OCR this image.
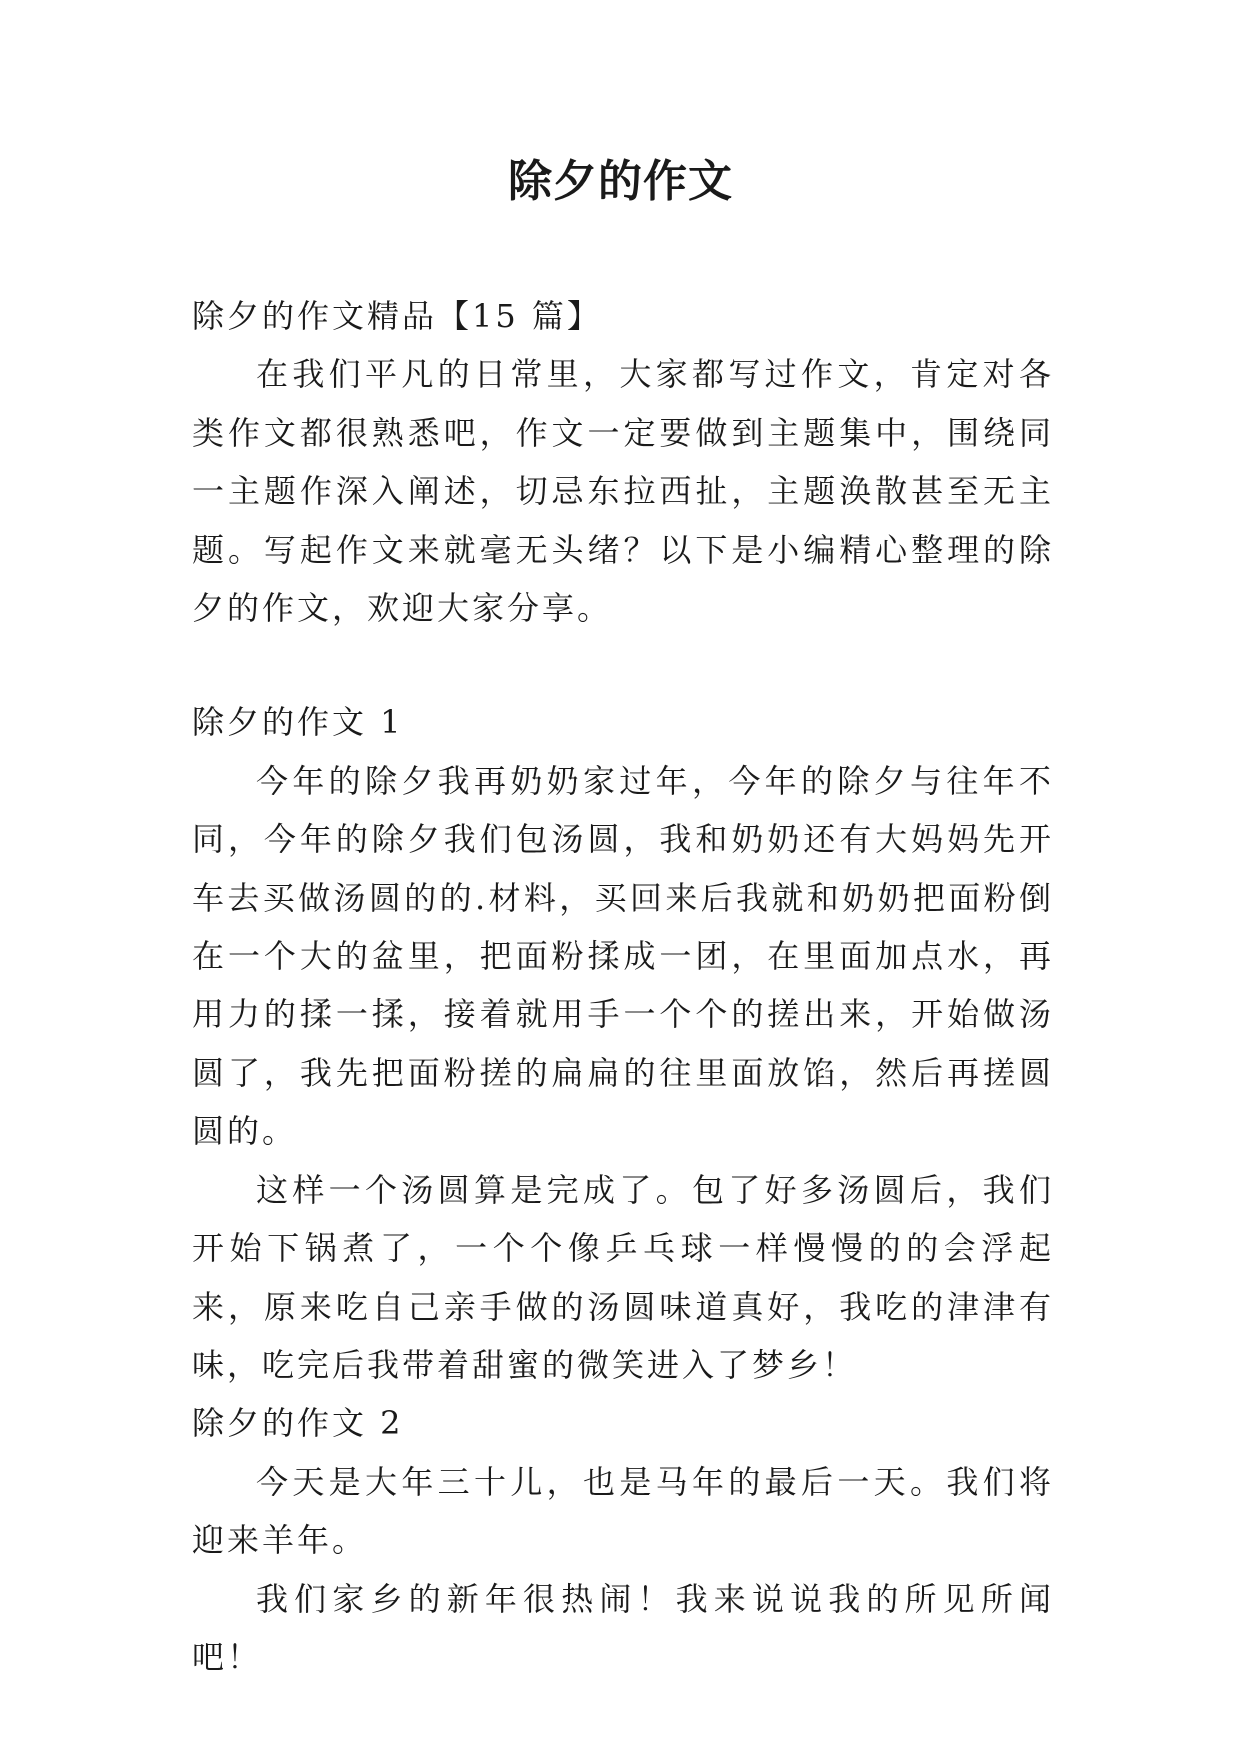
除夕的作文

除夕的作文精品【15 篇】

在我们平凡的日常里，大家都写过作文，肯定对各类作文都很熟悉吧，作文一定要做到主题集中，围绕同一主题作深入阐述，切忌东拉西扯，主题涣散甚至无主题。写起作文来就毫无头绪？以下是小编精心整理的除夕的作文，欢迎大家分享。

除夕的作文 1

今年的除夕我再奶奶家过年，今年的除夕与往年不同，今年的除夕我们包汤圆，我和奶奶还有大妈妈先开车去买做汤圆的的.材料，买回来后我就和奶奶把面粉倒在一个大的盆里，把面粉揉成一团，在里面加点水，再用力的揉一揉，接着就用手一个个的搓出来，开始做汤圆了，我先把面粉搓的扁扁的往里面放馅，然后再搓圆圆的。

这样一个汤圆算是完成了。包了好多汤圆后，我们开始下锅煮了，一个个像乒乓球一样慢慢的的会浮起来，原来吃自己亲手做的汤圆味道真好，我吃的津津有味，吃完后我带着甜蜜的微笑进入了梦乡！

除夕的作文 2

今天是大年三十儿，也是马年的最后一天。我们将迎来羊年。

我们家乡的新年很热闹！我来说说我的所见所闻吧！
